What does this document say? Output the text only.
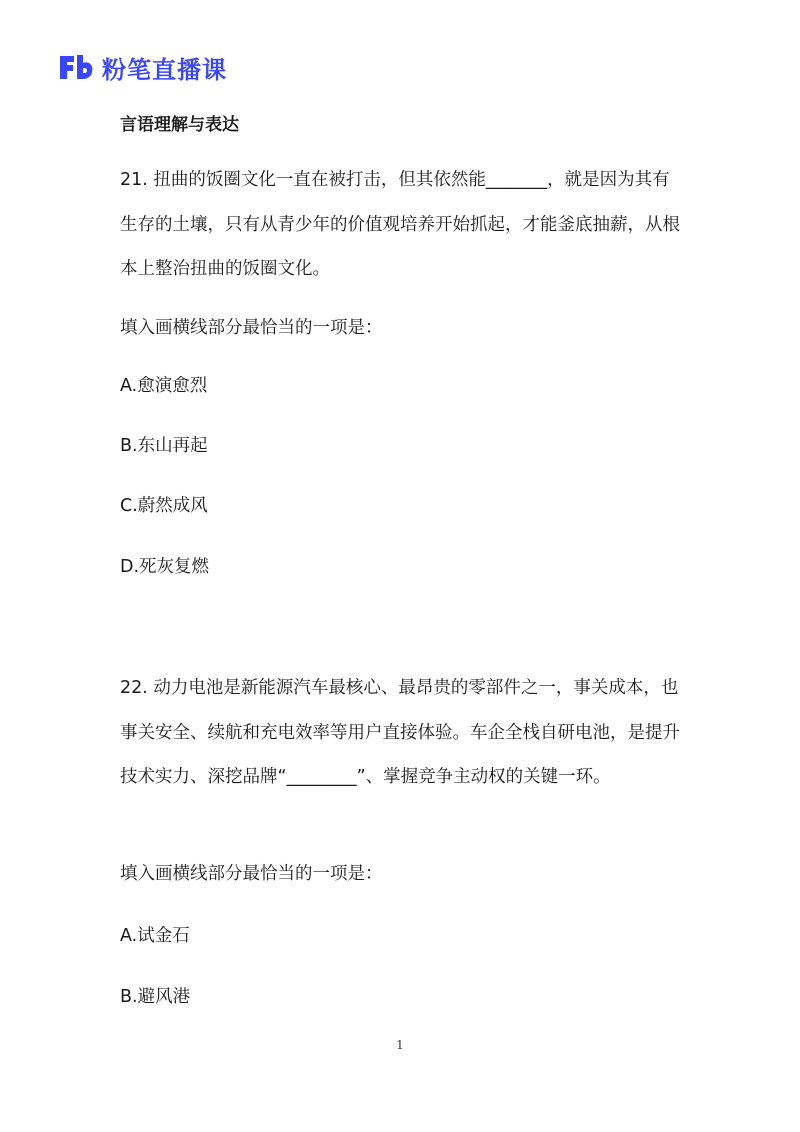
粉笔直播课
言语理解与表达

21. 扭曲的饭圈文化一直在被打击，但其依然能_______，就是因为其有生存的土壤，只有从青少年的价值观培养开始抓起，才能釜底抽薪，从根本上整治扭曲的饭圈文化。

填入画横线部分最恰当的一项是：

A.愈演愈烈

B.东山再起

C.蔚然成风

D.死灰复燃

22. 动力电池是新能源汽车最核心、最昂贵的零部件之一，事关成本，也事关安全、续航和充电效率等用户直接体验。车企全栈自研电池，是提升技术实力、深挖品牌“________”、掌握竞争主动权的关键一环。

填入画横线部分最恰当的一项是：

A.试金石

B.避风港

1
